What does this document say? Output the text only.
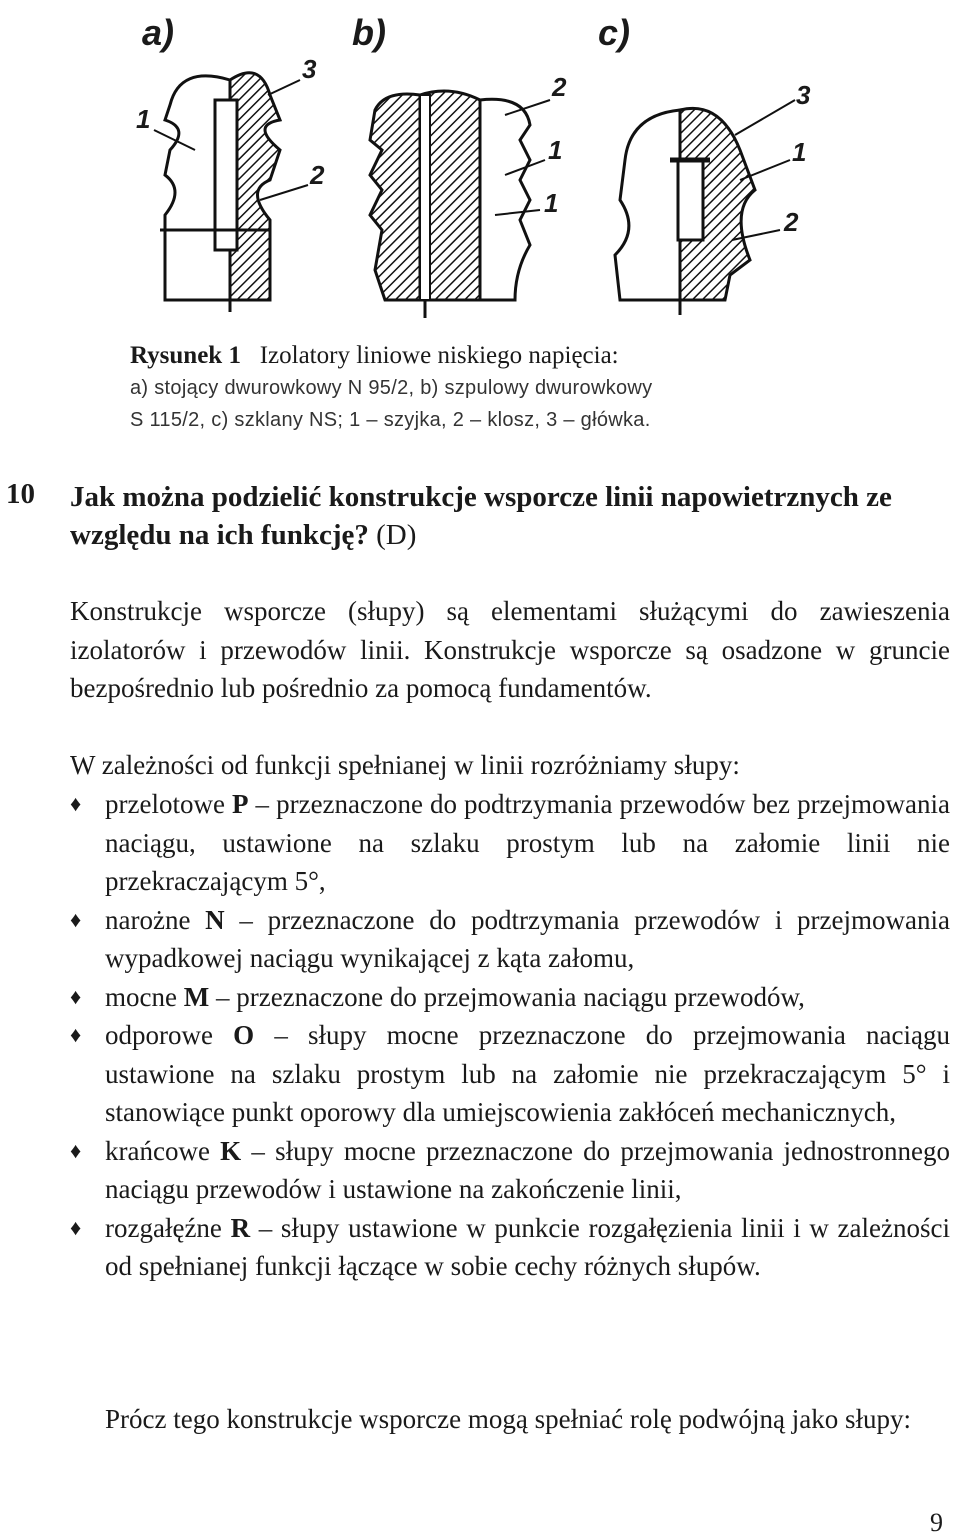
a)	b)	c)
3
1
2
2
1
1
3
1
2
Rysunek 1 Izolatory liniowe niskiego napięcia:
a) stojący dwurowkowy N 95/2, b) szpulowy dwurowkowy
S 115/2, c) szklany NS; 1 – szyjka, 2 – klosz, 3 – główka.
10 Jak można podzielić konstrukcje wsporcze linii napowietrznych ze względu na ich funkcję? (D)
Konstrukcje wsporcze (słupy) są elementami służącymi do zawieszenia izolatorów i przewodów linii. Konstrukcje wsporcze są osadzone w gruncie bezpośrednio lub pośrednio za pomocą fundamentów.
W zależności od funkcji spełnianej w linii rozróżniamy słupy:
♦ przelotowe P – przeznaczone do podtrzymania przewodów bez przejmowania naciągu, ustawione na szlaku prostym lub na załomie linii nie przekraczającym 5°,
♦ narożne N – przeznaczone do podtrzymania przewodów i przejmowania wypadkowej naciągu wynikającej z kąta załomu,
♦ mocne M – przeznaczone do przejmowania naciągu przewodów,
♦ odporowe O – słupy mocne przeznaczone do przejmowania naciągu ustawione na szlaku prostym lub na załomie nie przekraczającym 5° i stanowiące punkt oporowy dla umiejscowienia zakłóceń mechanicznych,
♦ krańcowe K – słupy mocne przeznaczone do przejmowania jednostronnego naciągu przewodów i ustawione na zakończenie linii,
♦ rozgałęźne R – słupy ustawione w punkcie rozgałęzienia linii i w zależności od spełnianej funkcji łączące w sobie cechy różnych słupów.
Prócz tego konstrukcje wsporcze mogą spełniać rolę podwójną jako słupy:
9
